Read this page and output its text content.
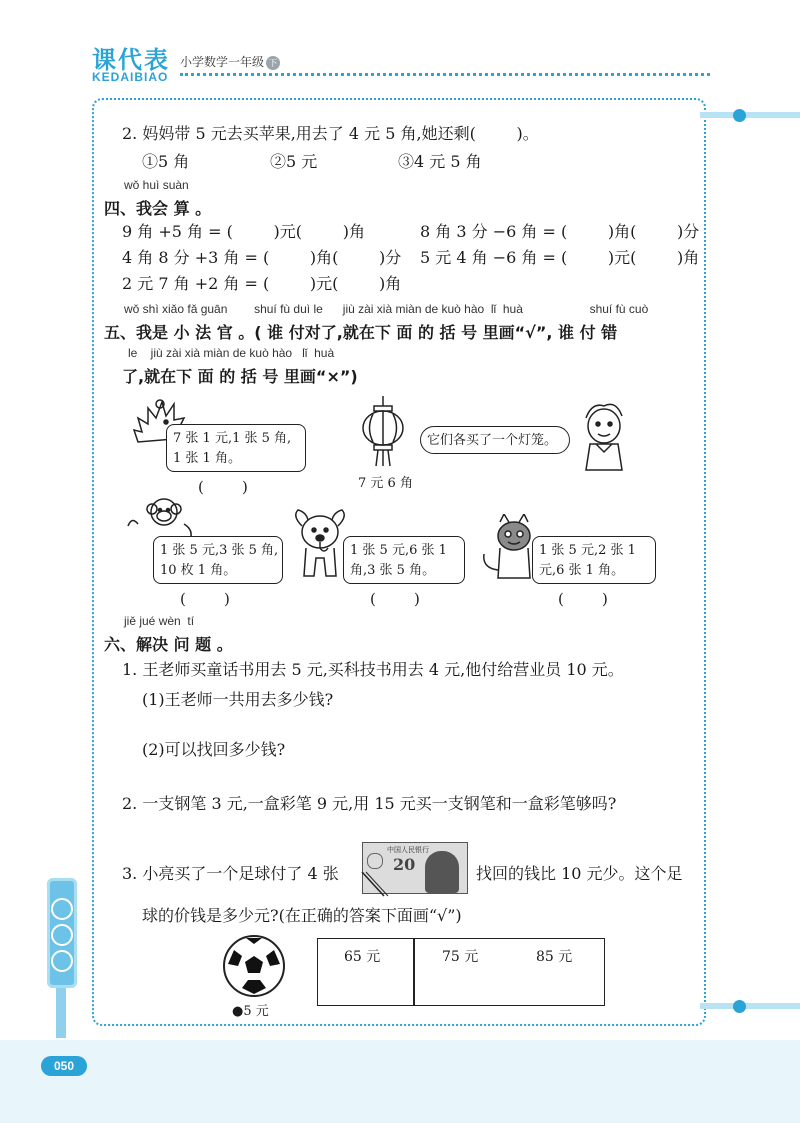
课代表
KEDAIBIAO
小学数学一年级 下
2. 妈妈带 5 元去买苹果,用去了 4 元 5 角,她还剩(        )。
①5 角	②5 元	③4 元 5 角
wǒ huì suàn
四、我会 算 。
9 角 +5 角 = (        )元(        )角	8 角 3 分 −6 角 = (        )角(        )分
4 角 8 分 +3 角 = (        )角(        )分 5 元 4 角 −6 角 = (        )元(        )角
2 元 7 角 +2 角 = (        )元(        )角
wǒ shì xiǎo fǎ guān        shuí fù duì le      jiù zài xià miàn de kuò hào  lǐ  huà                    shuí fù cuò
五、我是 小 法 官 。( 谁 付对了,就在下 面 的 括 号 里画“√”, 谁 付 错
le    jiù zài xià miàn de kuò hào   lǐ  huà
了,就在下 面 的 括 号 里画“×”)
7 张 1 元,1 张 5 角,
1 张 1 角。
(        )	7 元 6 角
它们各买了一个灯笼。
1 张 5 元,3 张 5 角,
10 枚 1 角。
(        )
1 张 5 元,6 张 1
角,3 张 5 角。
(        )
1 张 5 元,2 张 1
元,6 张 1 角。
(        )
jiě jué wèn  tí
六、解决 问 题 。
1. 王老师买童话书用去 5 元,买科技书用去 4 元,他付给营业员 10 元。
(1)王老师一共用去多少钱?
(2)可以找回多少钱?
2. 一支钢笔 3 元,一盒彩笔 9 元,用 15 元买一支钢笔和一盒彩笔够吗?
3. 小亮买了一个足球付了 4 张
中国人民银行
20	找回的钱比 10 元少。这个足
球的价钱是多少元?(在正确的答案下面画“√”)
●5 元
65 元	75 元	85 元
050
